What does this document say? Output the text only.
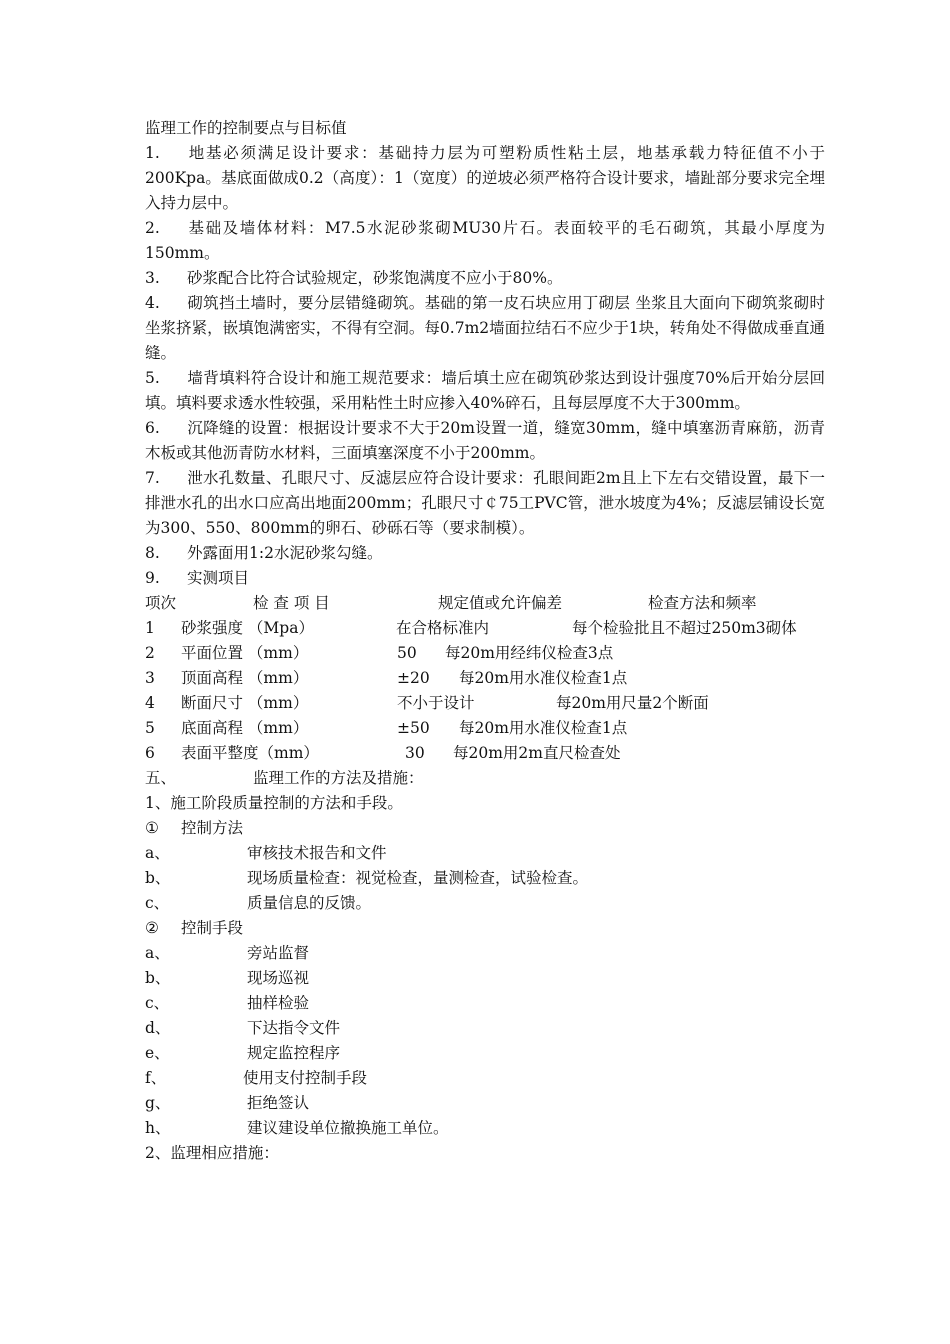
监理工作的控制要点与目标值

1. 地基必须满足设计要求：基础持力层为可塑粉质性粘土层，地基承载力特征值不小于200Kpa。基底面做成0.2（高度）：1（宽度）的逆坡必须严格符合设计要求，墙趾部分要求完全埋入持力层中。

2. 基础及墙体材料：M7.5水泥砂浆砌MU30片石。表面较平的毛石砌筑，其最小厚度为150mm。

3. 砂浆配合比符合试验规定，砂浆饱满度不应小于80%。

4. 砌筑挡土墙时，要分层错缝砌筑。基础的第一皮石块应用丁砌层 坐浆且大面向下砌筑浆砌时坐浆挤紧，嵌填饱满密实，不得有空洞。每0.7m2墙面拉结石不应少于1块，转角处不得做成垂直通缝。

5. 墙背填料符合设计和施工规范要求：墙后填土应在砌筑砂浆达到设计强度70%后开始分层回填。填料要求透水性较强，采用粘性土时应掺入40%碎石，且每层厚度不大于300mm。

6. 沉降缝的设置：根据设计要求不大于20m设置一道，缝宽30mm，缝中填塞沥青麻筋，沥青木板或其他沥青防水材料，三面填塞深度不小于200mm。

7. 泄水孔数量、孔眼尺寸、反滤层应符合设计要求：孔眼间距2m且上下左右交错设置，最下一排泄水孔的出水口应高出地面200mm；孔眼尺寸￠75工PVC管，泄水坡度为4%；反滤层铺设长宽为300、550、800mm的卵石、砂砾石等（要求制模）。

8. 外露面用1:2水泥砂浆勾缝。

9. 实测项目

项次	检 查 项 目	规定值或允许偏差	检查方法和频率

1 砂浆强度 （Mpa）	在合格标准内	每个检验批且不超过250m3砌体

2	平面位置 （mm）	50	每20m用经纬仪检查3点
3	顶面高程 （mm）	±20	每20m用水准仪检查1点
4	断面尺寸 （mm）	不小于设计	每20m用尺量2个断面
5	底面高程 （mm）	±50	每20m用水准仪检查1点
6	表面平整度（mm）	30	每20m用2m直尺检查处

五、	监理工作的方法及措施：

1、施工阶段质量控制的方法和手段。

① 控制方法

a、	审核技术报告和文件

b、	现场质量检查：视觉检查，量测检查，试验检查。

c、	质量信息的反馈。

② 控制手段

a、	旁站监督

b、	现场巡视

c、	抽样检验

d、	下达指令文件

e、	规定监控程序

f、	使用支付控制手段

g、	拒绝签认

h、	建议建设单位撤换施工单位。

2、监理相应措施：
